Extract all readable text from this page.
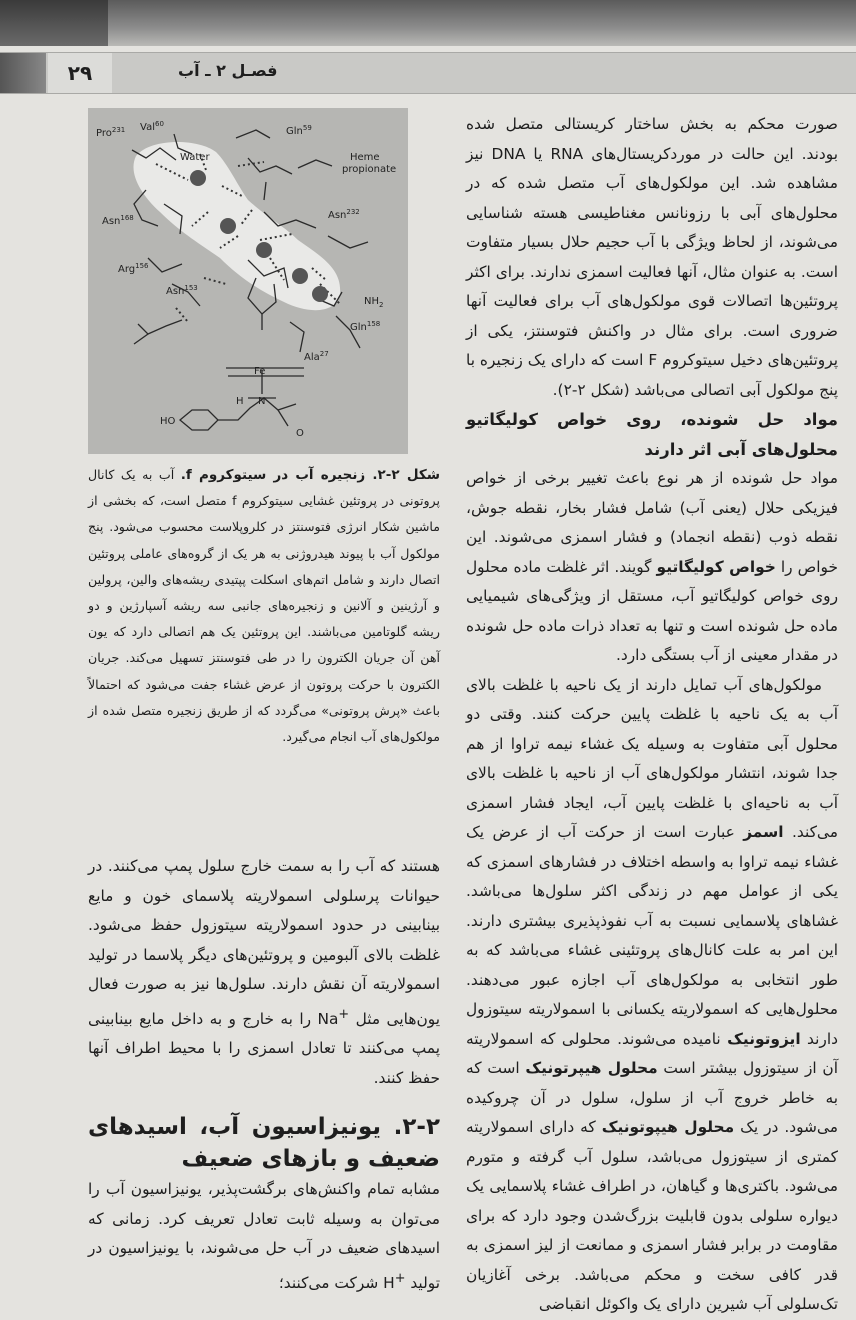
۲۹	فصـل ۲ ـ آب
Pro$^{231}$ Val$^{60}$
Gln$^{59}$
Water	Heme
propionate
Asn$^{168}$	Asn$^{232}$
Arg$^{156}$
Asn$^{153}$
$NH_2$
Gln$^{158}$
Ala$^{27}$
Fe
HO
O
N
H

صورت محکم به بخش ساختار کریستالی متصل شده بودند. این حالت در موردکریستال‌های RNA یا DNA نیز مشاهده شد. این مولکول‌های آب متصل شده که در محلول‌های آبی با رزونانس مغناطیسی هسته شناسایی می‌شوند، از لحاظ ویژگی با آب حجیم حلال بسیار متفاوت است. به عنوان مثال، آنها فعالیت اسمزی ندارند. برای اکثر پروتئین‌ها اتصالات قوی مولکول‌های آب برای فعالیت آنها ضروری است. برای مثال در واکنش فتوسنتز، یکی از پروتئین‌های دخیل سیتوکروم F است که دارای یک زنجیره با پنج مولکول آبی اتصالی می‌باشد (شکل ۲-۲).

مواد حل شونده، روی خواص کولیگاتیو محلول‌های آبی اثر دارند

مواد حل شونده از هر نوع باعث تغییر برخی از خواص فیزیکی حلال (یعنی آب) شامل فشار بخار، نقطه جوش، نقطه ذوب (نقطه انجماد) و فشار اسمزی می‌شوند. این خواص را خواص کولیگاتیو گویند. اثر غلظت ماده محلول روی خواص کولیگاتیو آب، مستقل از ویژگی‌های شیمیایی ماده حل شونده است و تنها به تعداد ذرات ماده حل شونده در مقدار معینی از آب بستگی دارد.

مولکول‌های آب تمایل دارند از یک ناحیه با غلظت بالای آب به یک ناحیه با غلظت پایین حرکت کنند. وقتی دو محلول آبی متفاوت به وسیله یک غشاء نیمه تراوا از هم جدا شوند، انتشار مولکول‌های آب از ناحیه با غلظت بالای آب به ناحیه‌ای با غلظت پایین آب، ایجاد فشار اسمزی می‌کند. اسمز عبارت است از حرکت آب از عرض یک غشاء نیمه تراوا به واسطه اختلاف در فشارهای اسمزی که یکی از عوامل مهم در زندگی اکثر سلول‌ها می‌باشد. غشاهای پلاسمایی نسبت به آب نفوذپذیری بیشتری دارند. این امر به علت کانال‌های پروتئینی غشاء می‌باشد که به طور انتخابی به مولکول‌های آب اجازه عبور می‌دهند. محلول‌هایی که اسمولاریته یکسانی با اسمولاریته سیتوزول دارند ایزوتونیک نامیده می‌شوند. محلولی که اسمولاریته آن از سیتوزول بیشتر است محلول هیپرتونیک است که به خاطر خروج آب از سلول، سلول در آن چروکیده می‌شود. در یک محلول هیپوتونیک که دارای اسمولاریته کمتری از سیتوزول می‌باشد، سلول آب گرفته و متورم می‌شود. باکتری‌ها و گیاهان، در اطراف غشاء پلاسمایی یک دیواره سلولی بدون قابلیت بزرگ‌شدن وجود دارد که برای مقاومت در برابر فشار اسمزی و ممانعت از لیز اسمزی به قدر کافی سخت و محکم می‌باشد. برخی آغازیان تک‌سلولی آب شیرین دارای یک واکوئل انقباضی

شکل ۲-۲. زنجیره آب در سیتوکروم f. آب به یک کانال پروتونی در پروتئین غشایی سیتوکروم f متصل است، که بخشی از ماشین شکار انرژی فتوسنتز در کلروپلاست محسوب می‌شود. پنج مولکول آب با پیوند هیدروژنی به هر یک از گروه‌های عاملی پروتئین اتصال دارند و شامل اتم‌های اسکلت پپتیدی ریشه‌های والین، پرولین و آرژینین و آلانین و زنجیره‌های جانبی سه ریشه آسپارژین و دو ریشه گلوتامین می‌باشند. این پروتئین یک هم اتصالی دارد که یون آهن آن جریان الکترون را در طی فتوسنتز تسهیل می‌کند. جریان الکترون با حرکت پروتون از عرض غشاء جفت می‌شود که احتمالاً باعث «پرش پروتونی» می‌گردد که از طریق زنجیره متصل شده از مولکول‌های آب انجام می‌گیرد.

هستند که آب را به سمت خارج سلول پمپ می‌کنند. در حیوانات پرسلولی اسمولاریته پلاسمای خون و مایع بینابینی در حدود اسمولاریته سیتوزول حفظ می‌شود. غلظت بالای آلبومین و پروتئین‌های دیگر پلاسما در تولید اسمولاریته آن نقش دارند. سلول‌ها نیز به صورت فعال یون‌هایی مثل Na+ را به خارج و به داخل مایع بینابینی پمپ می‌کنند تا تعادل اسمزی را با محیط اطراف آنها حفظ کنند.

۲-۲. یونیزاسیون آب، اسیدهای ضعیف و بازهای ضعیف

مشابه تمام واکنش‌های برگشت‌پذیر، یونیزاسیون آب را می‌توان به وسیله ثابت تعادل تعریف کرد. زمانی که اسیدهای ضعیف در آب حل می‌شوند، با یونیزاسیون در تولید H+ شرکت می‌کنند؛
